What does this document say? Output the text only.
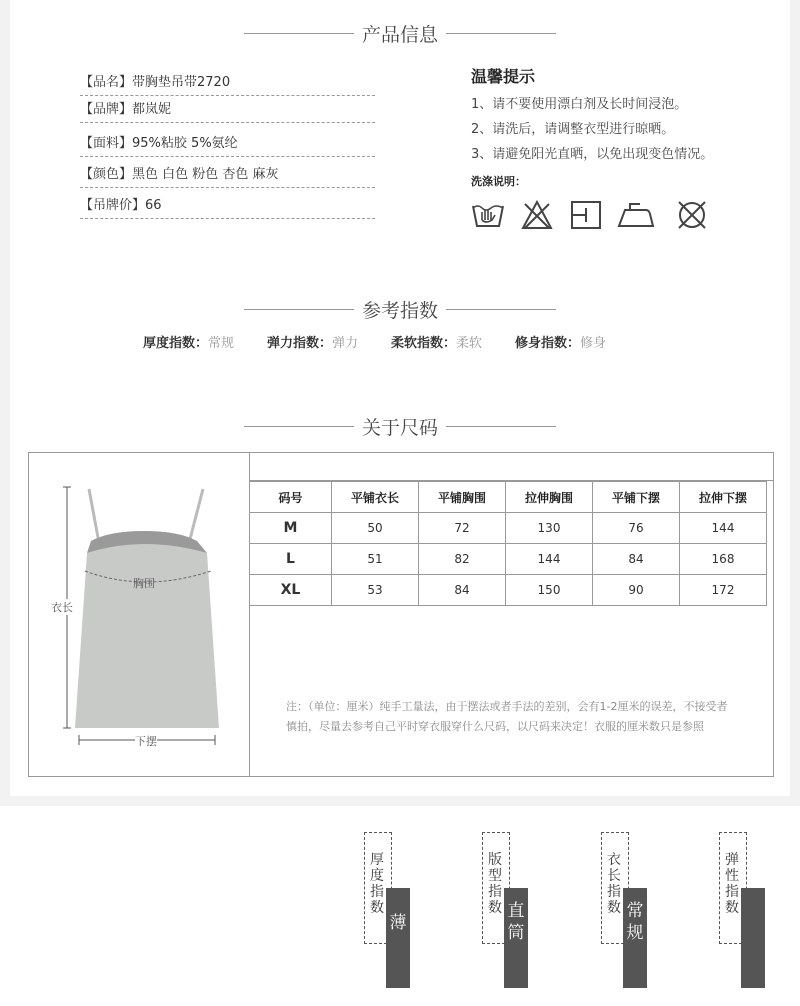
产品信息
【品名】带胸垫吊带2720
【品牌】都岚妮
【面料】95%粘胶 5%氨纶
【颜色】黑色 白色 粉色 杏色 麻灰
【吊牌价】66
温馨提示
1、请不要使用漂白剂及长时间浸泡。
2、请洗后，请调整衣型进行晾晒。
3、请避免阳光直晒，以免出现变色情况。
洗涤说明：
参考指数
厚度指数：常规	弹力指数：弹力	柔软指数：柔软	修身指数：修身
关于尺码
胸围
衣长
下摆
码号	平铺衣长	平铺胸围	拉伸胸围	平铺下摆	拉伸下摆
M	50	72	130	76	144
L	51	82	144	84	168
XL	53	84	150	90	172
注：（单位：厘米）纯手工量法，由于摆法或者手法的差别，会有1-2厘米的误差，不接受者慎拍，尽量去参考自己平时穿衣服穿什么尺码，以尺码来决定！衣服的厘米数只是参照
厚度指数
薄
版型指数 直筒
衣长指数 常规
弹性指数
